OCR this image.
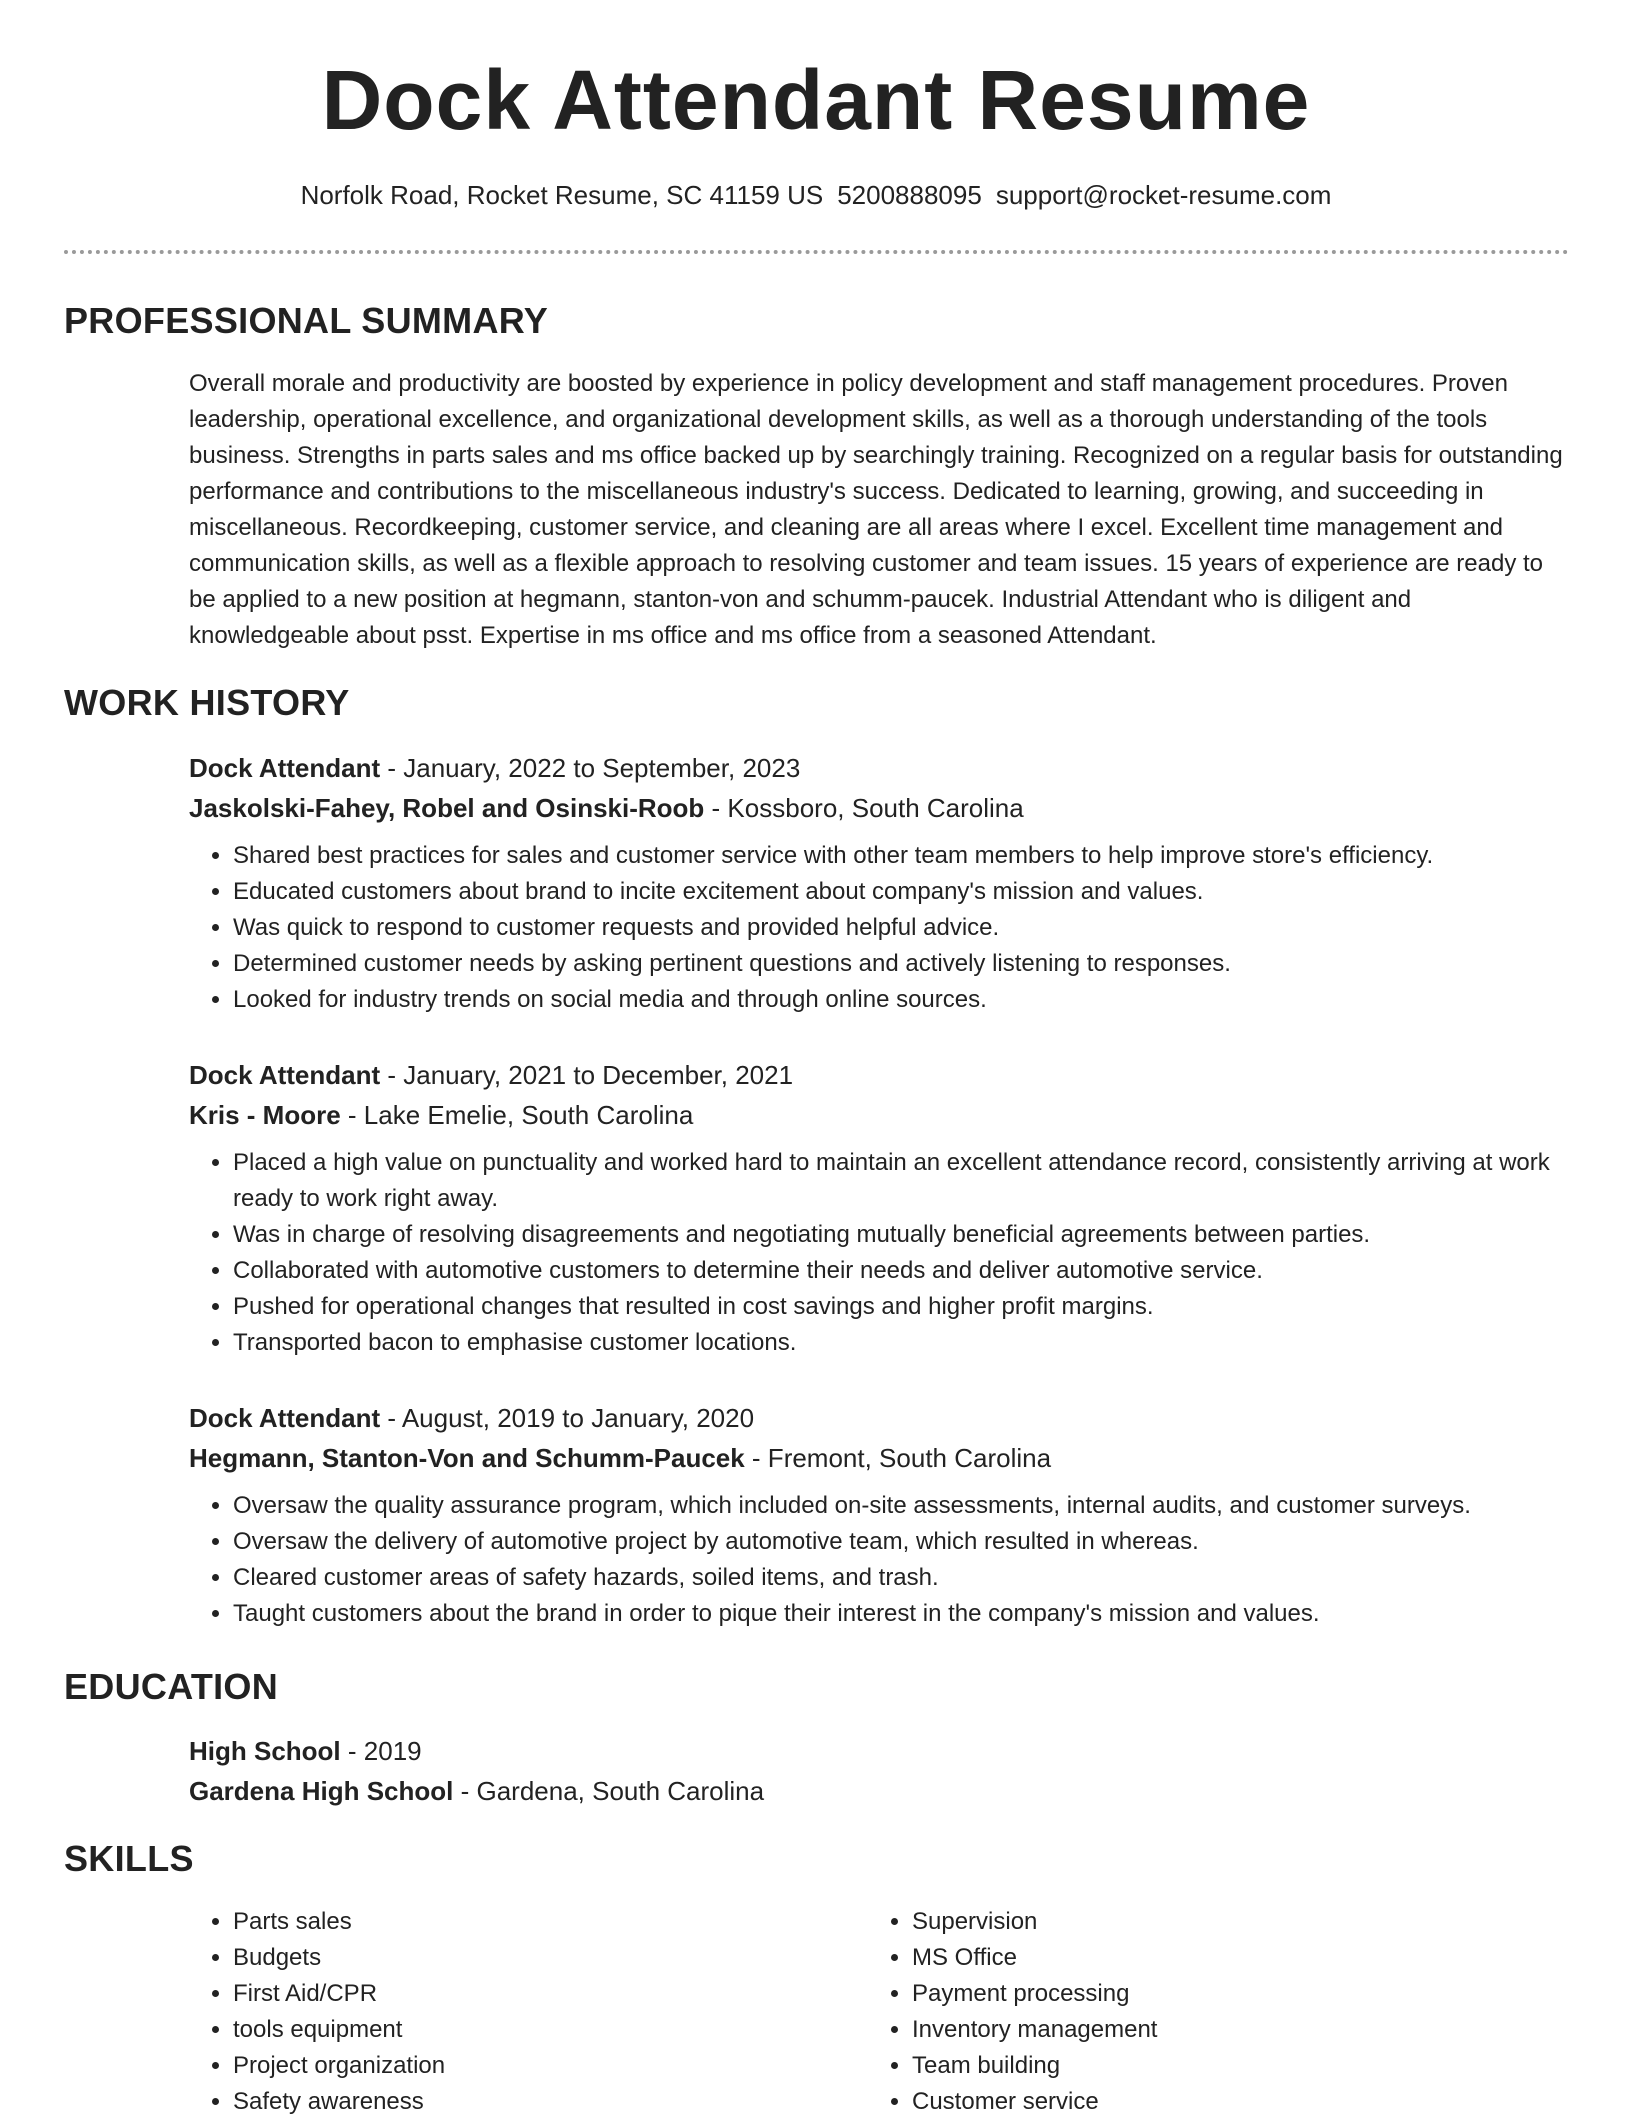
Dock Attendant Resume
Norfolk Road, Rocket Resume, SC 41159 US 5200888095 support@rocket-resume.com
PROFESSIONAL SUMMARY

Overall morale and productivity are boosted by experience in policy development and staff management procedures. Proven leadership, operational excellence, and organizational development skills, as well as a thorough understanding of the tools business. Strengths in parts sales and ms office backed up by searchingly training. Recognized on a regular basis for outstanding performance and contributions to the miscellaneous industry's success. Dedicated to learning, growing, and succeeding in miscellaneous. Recordkeeping, customer service, and cleaning are all areas where I excel. Excellent time management and communication skills, as well as a flexible approach to resolving customer and team issues. 15 years of experience are ready to be applied to a new position at hegmann, stanton-von and schumm-paucek. Industrial Attendant who is diligent and knowledgeable about psst. Expertise in ms office and ms office from a seasoned Attendant.

WORK HISTORY
Dock Attendant - January, 2022 to September, 2023
Jaskolski-Fahey, Robel and Osinski-Roob - Kossboro, South Carolina
• Shared best practices for sales and customer service with other team members to help improve store's efficiency.
• Educated customers about brand to incite excitement about company's mission and values.
• Was quick to respond to customer requests and provided helpful advice.
• Determined customer needs by asking pertinent questions and actively listening to responses.
• Looked for industry trends on social media and through online sources.
Dock Attendant - January, 2021 to December, 2021
Kris - Moore - Lake Emelie, South Carolina
• Placed a high value on punctuality and worked hard to maintain an excellent attendance record, consistently arriving at work ready to work right away.
• Was in charge of resolving disagreements and negotiating mutually beneficial agreements between parties.
• Collaborated with automotive customers to determine their needs and deliver automotive service.
• Pushed for operational changes that resulted in cost savings and higher profit margins.
• Transported bacon to emphasise customer locations.
Dock Attendant - August, 2019 to January, 2020
Hegmann, Stanton-Von and Schumm-Paucek - Fremont, South Carolina
• Oversaw the quality assurance program, which included on-site assessments, internal audits, and customer surveys.
• Oversaw the delivery of automotive project by automotive team, which resulted in whereas.
• Cleared customer areas of safety hazards, soiled items, and trash.
• Taught customers about the brand in order to pique their interest in the company's mission and values.
EDUCATION
High School - 2019
Gardena High School - Gardena, South Carolina
SKILLS
• Parts sales
• Budgets
• First Aid/CPR
• tools equipment
• Project organization
• Safety awareness
• Supervision
• MS Office
• Payment processing
• Inventory management
• Team building
• Customer service
